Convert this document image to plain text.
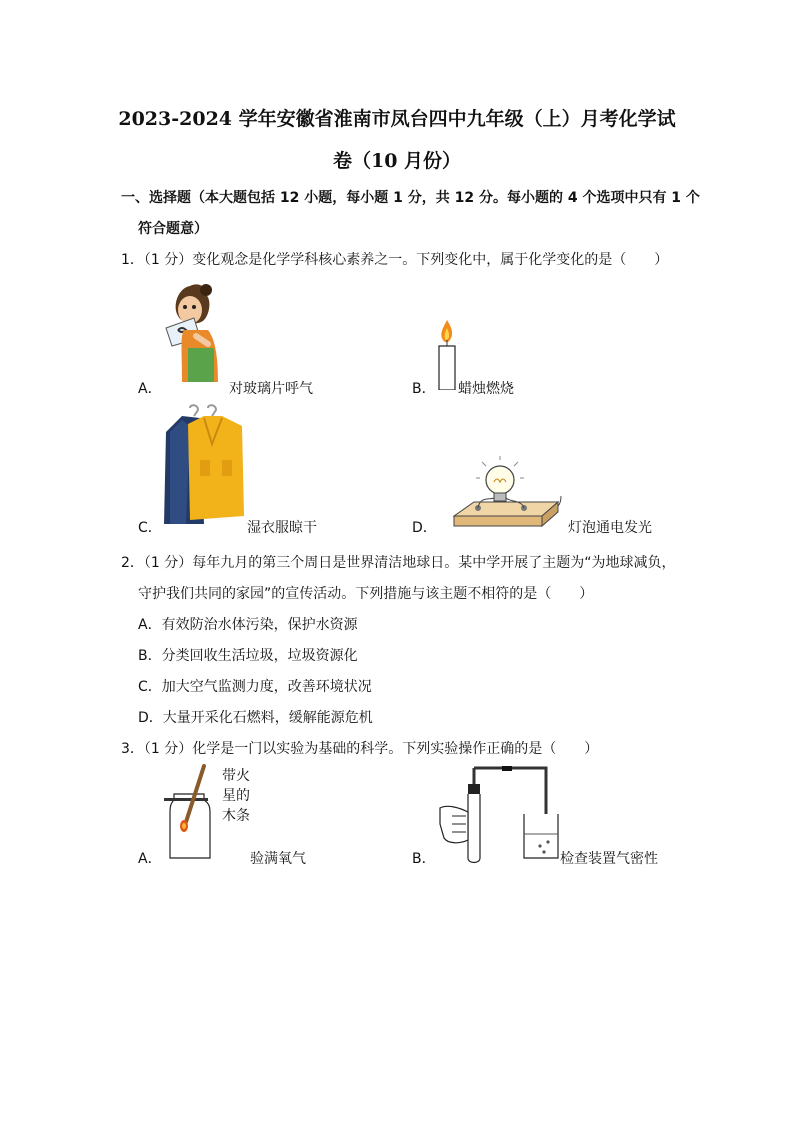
2023-2024 学年安徽省淮南市凤台四中九年级（上）月考化学试
卷（10 月份）
一、选择题（本大题包括 12 小题，每小题 1 分，共 12 分。每小题的 4 个选项中只有 1 个
符合题意）
1．（1 分）变化观念是化学学科核心素养之一。下列变化中，属于化学变化的是（　　）
A．	对玻璃片呼气	B． 蜡烛燃烧
C．	湿衣服晾干	D．	灯泡通电发光
2．（1 分）每年九月的第三个周日是世界清洁地球日。某中学开展了主题为“为地球减负，
守护我们共同的家园”的宣传活动。下列措施与该主题不相符的是（　　）
A．有效防治水体污染，保护水资源
B．分类回收生活垃圾，垃圾资源化
C．加大空气监测力度，改善环境状况
D．大量开采化石燃料，缓解能源危机
3．（1 分）化学是一门以实验为基础的科学。下列实验操作正确的是（　　）
带火
星的
木条
A．	验满氧气	B．	检查装置气密性
